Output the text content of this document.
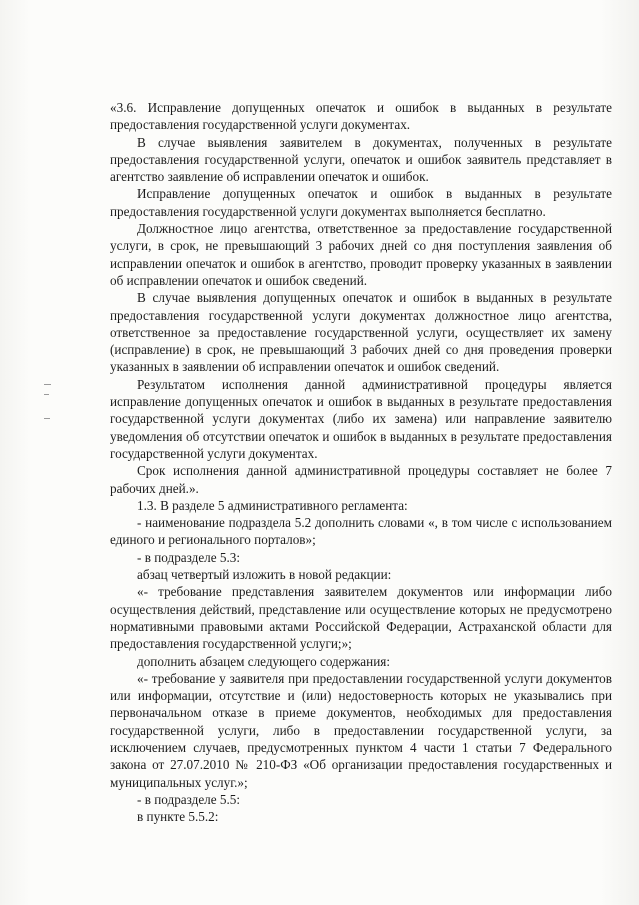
«3.6. Исправление допущенных опечаток и ошибок в выданных в результате предоставления государственной услуги документах.

В случае выявления заявителем в документах, полученных в результате предоставления государственной услуги, опечаток и ошибок заявитель представляет в агентство заявление об исправлении опечаток и ошибок.

Исправление допущенных опечаток и ошибок в выданных в результате предоставления государственной услуги документах выполняется бесплатно.

Должностное лицо агентства, ответственное за предоставление государственной услуги, в срок, не превышающий 3 рабочих дней со дня поступления заявления об исправлении опечаток и ошибок в агентство, проводит проверку указанных в заявлении об исправлении опечаток и ошибок сведений.

В случае выявления допущенных опечаток и ошибок в выданных в результате предоставления государственной услуги документах должностное лицо агентства, ответственное за предоставление государственной услуги, осуществляет их замену (исправление) в срок, не превышающий 3 рабочих дней со дня проведения проверки указанных в заявлении об исправлении опечаток и ошибок сведений.

Результатом исполнения данной административной процедуры является исправление допущенных опечаток и ошибок в выданных в результате предоставления государственной услуги документах (либо их замена) или направление заявителю уведомления об отсутствии опечаток и ошибок в выданных в результате предоставления государственной услуги документах.

Срок исполнения данной административной процедуры составляет не более 7 рабочих дней.».

1.3. В разделе 5 административного регламента:

- наименование подраздела 5.2 дополнить словами «, в том числе с использованием единого и регионального порталов»;

- в подразделе 5.3:

абзац четвертый изложить в новой редакции:

«- требование представления заявителем документов или информации либо осуществления действий, представление или осуществление которых не предусмотрено нормативными правовыми актами Российской Федерации, Астраханской области для предоставления государственной услуги;»;

дополнить абзацем следующего содержания:

«- требование у заявителя при предоставлении государственной услуги документов или информации, отсутствие и (или) недостоверность которых не указывались при первоначальном отказе в приеме документов, необходимых для предоставления государственной услуги, либо в предоставлении государственной услуги, за исключением случаев, предусмотренных пунктом 4 части 1 статьи 7 Федерального закона от 27.07.2010 № 210-ФЗ «Об организации предоставления государственных и муниципальных услуг.»;

- в подразделе 5.5:

в пункте 5.5.2:
